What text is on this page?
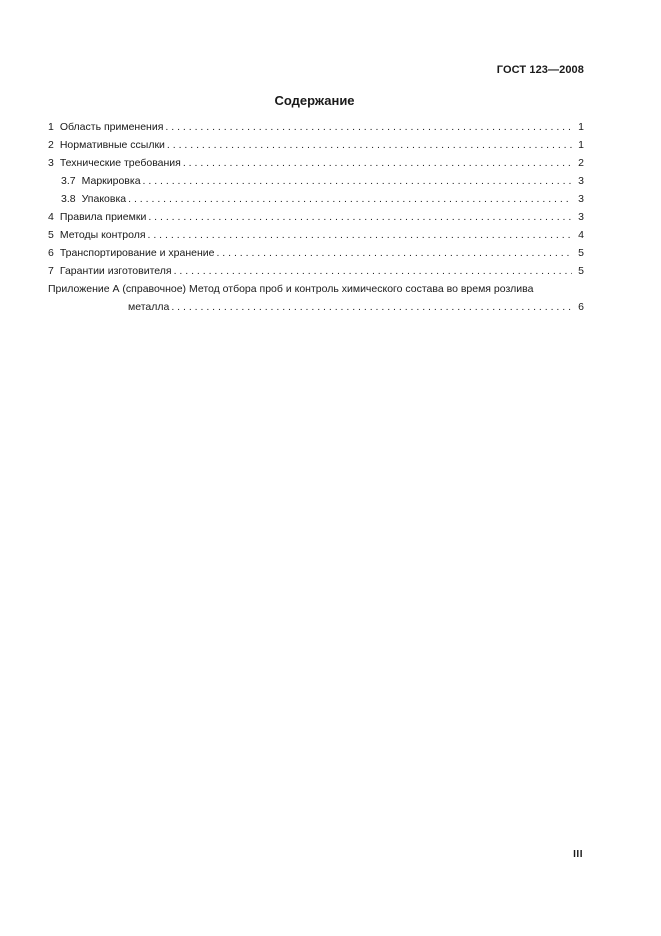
ГОСТ 123—2008
Содержание
1 Область применения . . .	1
2 Нормативные ссылки . . .	1
3 Технические требования . . .	2
3.7 Маркировка . . .	3
3.8 Упаковка . . .	3
4 Правила приемки . . .	3
5 Методы контроля . . .	4
6 Транспортирование и хранение . . .	5
7 Гарантии изготовителя . . .	5
Приложение А (справочное) Метод отбора проб и контроль химического состава во время розлива
металла . . .	6
III
